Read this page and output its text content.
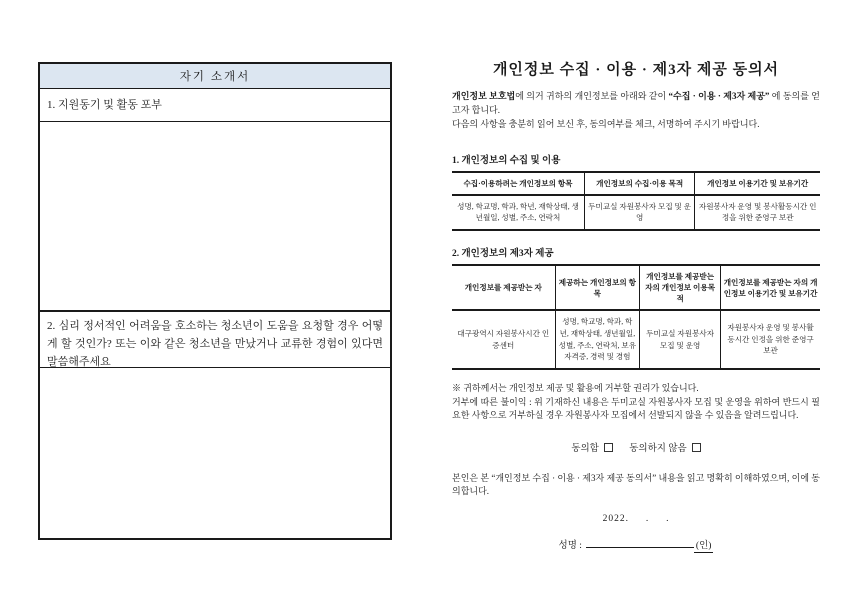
자기 소개서
1. 지원동기 및 활동 포부
2. 심리 정서적인 어려움을 호소하는 청소년이 도움을 요청할 경우 어떻게 할 것인가? 또는 이와 같은 청소년을 만났거나 교류한 경험이 있다면 말씀해주세요
개인정보 수집 · 이용 · 제3자 제공 동의서
개인정보 보호법에 의거 귀하의 개인정보를 아래와 같이 “수집 · 이용 · 제3자 제공” 에 동의를 얻고자 합니다.
다음의 사항을 충분히 읽어 보신 후, 동의여부를 체크, 서명하여 주시기 바랍니다.
1. 개인정보의 수집 및 이용
수집·이용하려는 개인정보의 항목	개인정보의 수집·이용 목적	개인정보 이용기간 및 보유기간
성명, 학교명, 학과, 학년, 재학상태, 생년월일, 성별, 주소, 연락처	두미교실 자원봉사자 모집 및 운영	자원봉사자 운영 및 봉사활동시간 인정을 위한 준영구 보관
2. 개인정보의 제3자 제공
개인정보를 제공받는 자	제공하는 개인정보의 항목	개인정보를 제공받는 자의 개인정보 이용목적	개인정보를 제공받는 자의 개인정보 이용기간 및 보유기간
대구광역시 자원봉사시간 인증센터	성명, 학교명, 학과, 학년, 재학상태, 생년월일, 성별, 주소, 연락처, 보유자격증, 경력 및 경험	두미교실 자원봉사자 모집 및 운영	자원봉사자 운영 및 봉사활동시간 인정을 위한 준영구 보관
※ 귀하께서는 개인정보 제공 및 활용에 거부할 권리가 있습니다.
거부에 따른 불이익 : 위 기재하신 내용은 두미교실 자원봉사자 모집 및 운영을 위하여 반드시 필요한 사항으로 거부하실 경우 자원봉사자 모집에서 선발되지 않을 수 있음을 알려드립니다.
동의함	동의하지 않음
본인은 본 “개인정보 수집 · 이용 · 제3자 제공 동의서” 내용을 읽고 명확히 이해하였으며, 이에 동의합니다.
2022.     .     .
성명 :	(인)
